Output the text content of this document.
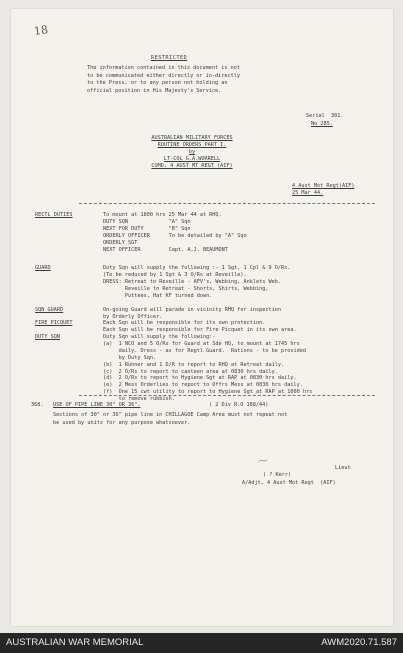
18
RESTRICTED
The information contained in this document is not
to be communicated either directly or in-directly
to the Press, or to any person not holding an
official position in His Majesty's Service.
Serial  301.
No 285.
AUSTRALIAN MILITARY FORCES
ROUTINE ORDERS PART I.
by
LT-COL G.A.WORRELL
COMD. 4 AUST MT REGT (AIF)
4 Aust Mot Regt(AIF)
25 Mar 44.
RECTL DUTIES	To mount at 1800 hrs 25 Mar 44 at RHQ.
DUTY SQN             "A" Sqn
NEXT FOR DUTY        "B" Sqn
ORDERLY OFFICER      To be detailed by "A" Sqn
ORDERLY SGT
NEXT OFFICER         Capt. A.J. BEAUMONT
GUARD	Duty Sqn will supply the following :- 1 Sgt, 1 Cpl & 9 O/Rs.
(To be reduced by 1 Sgt & 3 O/Rs at Reveille).
DRESS: Retreat to Reveille - AFV's, Webbing, Anklets Web.
Reveille to Retreat - Shorts, Shirts, Webbing,
Puttees, Hat KF turned down.
SQN GUARD	On-going Guard will parade in vicinity RHQ for inspection
by Orderly Officer.
FIRE PICQUET	Each Sqn will be responsible for its own protection.
Each Sqn will be responsible for Fire Picquet in its own area.
DUTY SQN	Duty Sqn will supply the following:-
(a)  1 NCO and 5 O/Rs for Guard at Sde HQ, to mount at 1745 hrs
daily. Dress - as for Regtl Guard.  Rations - to be provided
by Duty Sqn.
(b)  1 Runner and 1 D/R to report to RHQ at Retreat daily.
(c)  2 O/Rs to report to canteen area at 0830 hrs daily.
(d)  2 O/Rs to report to Hygiene Sgt at RAP at 0830 hrs daily.
(e)  2 Mess Orderlies to report to Offrs Mess at 0830 hrs daily.
(f)  One 15 cwt utility to report to Hygiene Sgt at RAP at 1000 hrs
to remove rubbish.
368. USE OF PIPE LINE 30" OR 36".	( 2 Div R.O 168/44)
Sections of 30" or 36" pipe line in CHILLAGOE Camp Area must not repeat not
be used by units for any purpose whatsoever.
~	Lieut
( ? Kerr)
A/Adjt, 4 Aust Mot Regt  (AIF)
AUSTRALIAN WAR MEMORIAL	AWM2020.71.587
